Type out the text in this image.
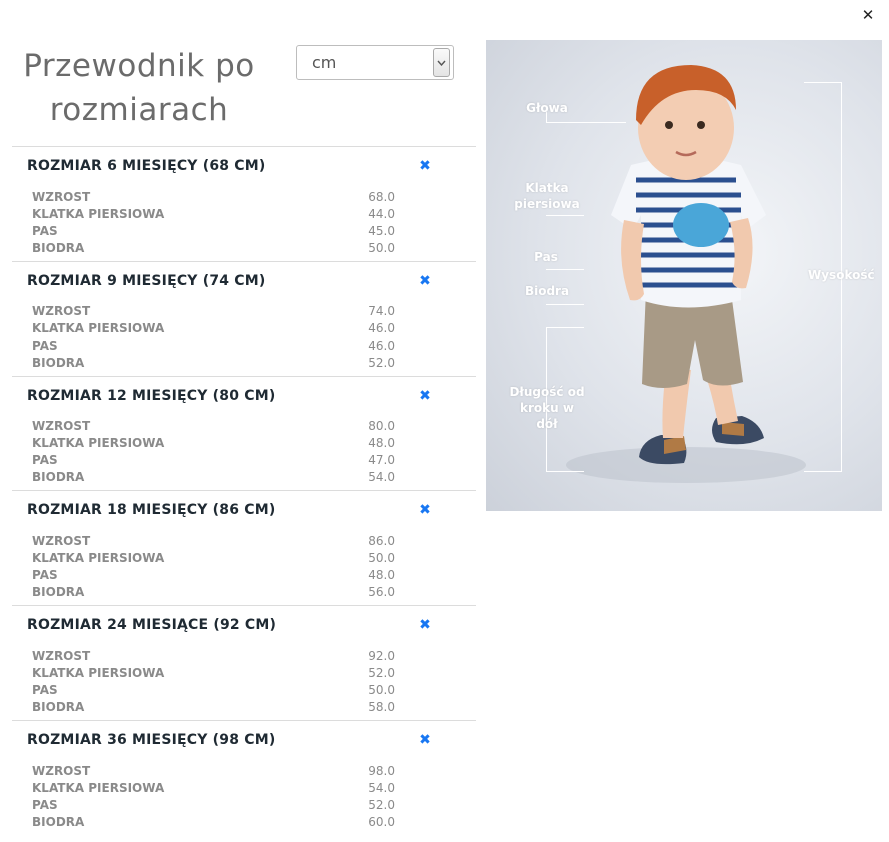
✕
Przewodnik po rozmiarach
cm
ROZMIAR 6 MIESIĘCY (68 CM)	✖
WZROST	68.0
KLATKA PIERSIOWA	44.0
PAS	45.0
BIODRA	50.0
ROZMIAR 9 MIESIĘCY (74 CM)	✖
WZROST	74.0
KLATKA PIERSIOWA	46.0
PAS	46.0
BIODRA	52.0
ROZMIAR 12 MIESIĘCY (80 CM)	✖
WZROST	80.0
KLATKA PIERSIOWA	48.0
PAS	47.0
BIODRA	54.0
ROZMIAR 18 MIESIĘCY (86 CM)	✖
WZROST	86.0
KLATKA PIERSIOWA	50.0
PAS	48.0
BIODRA	56.0
ROZMIAR 24 MIESIĄCE (92 CM)	✖
WZROST	92.0
KLATKA PIERSIOWA	52.0
PAS	50.0
BIODRA	58.0
ROZMIAR 36 MIESIĘCY (98 CM)	✖
WZROST	98.0
KLATKA PIERSIOWA	54.0
PAS	52.0
BIODRA	60.0
Głowa
Klatka piersiowa
Pas
Biodra
Długość od kroku w dół
Wysokość
